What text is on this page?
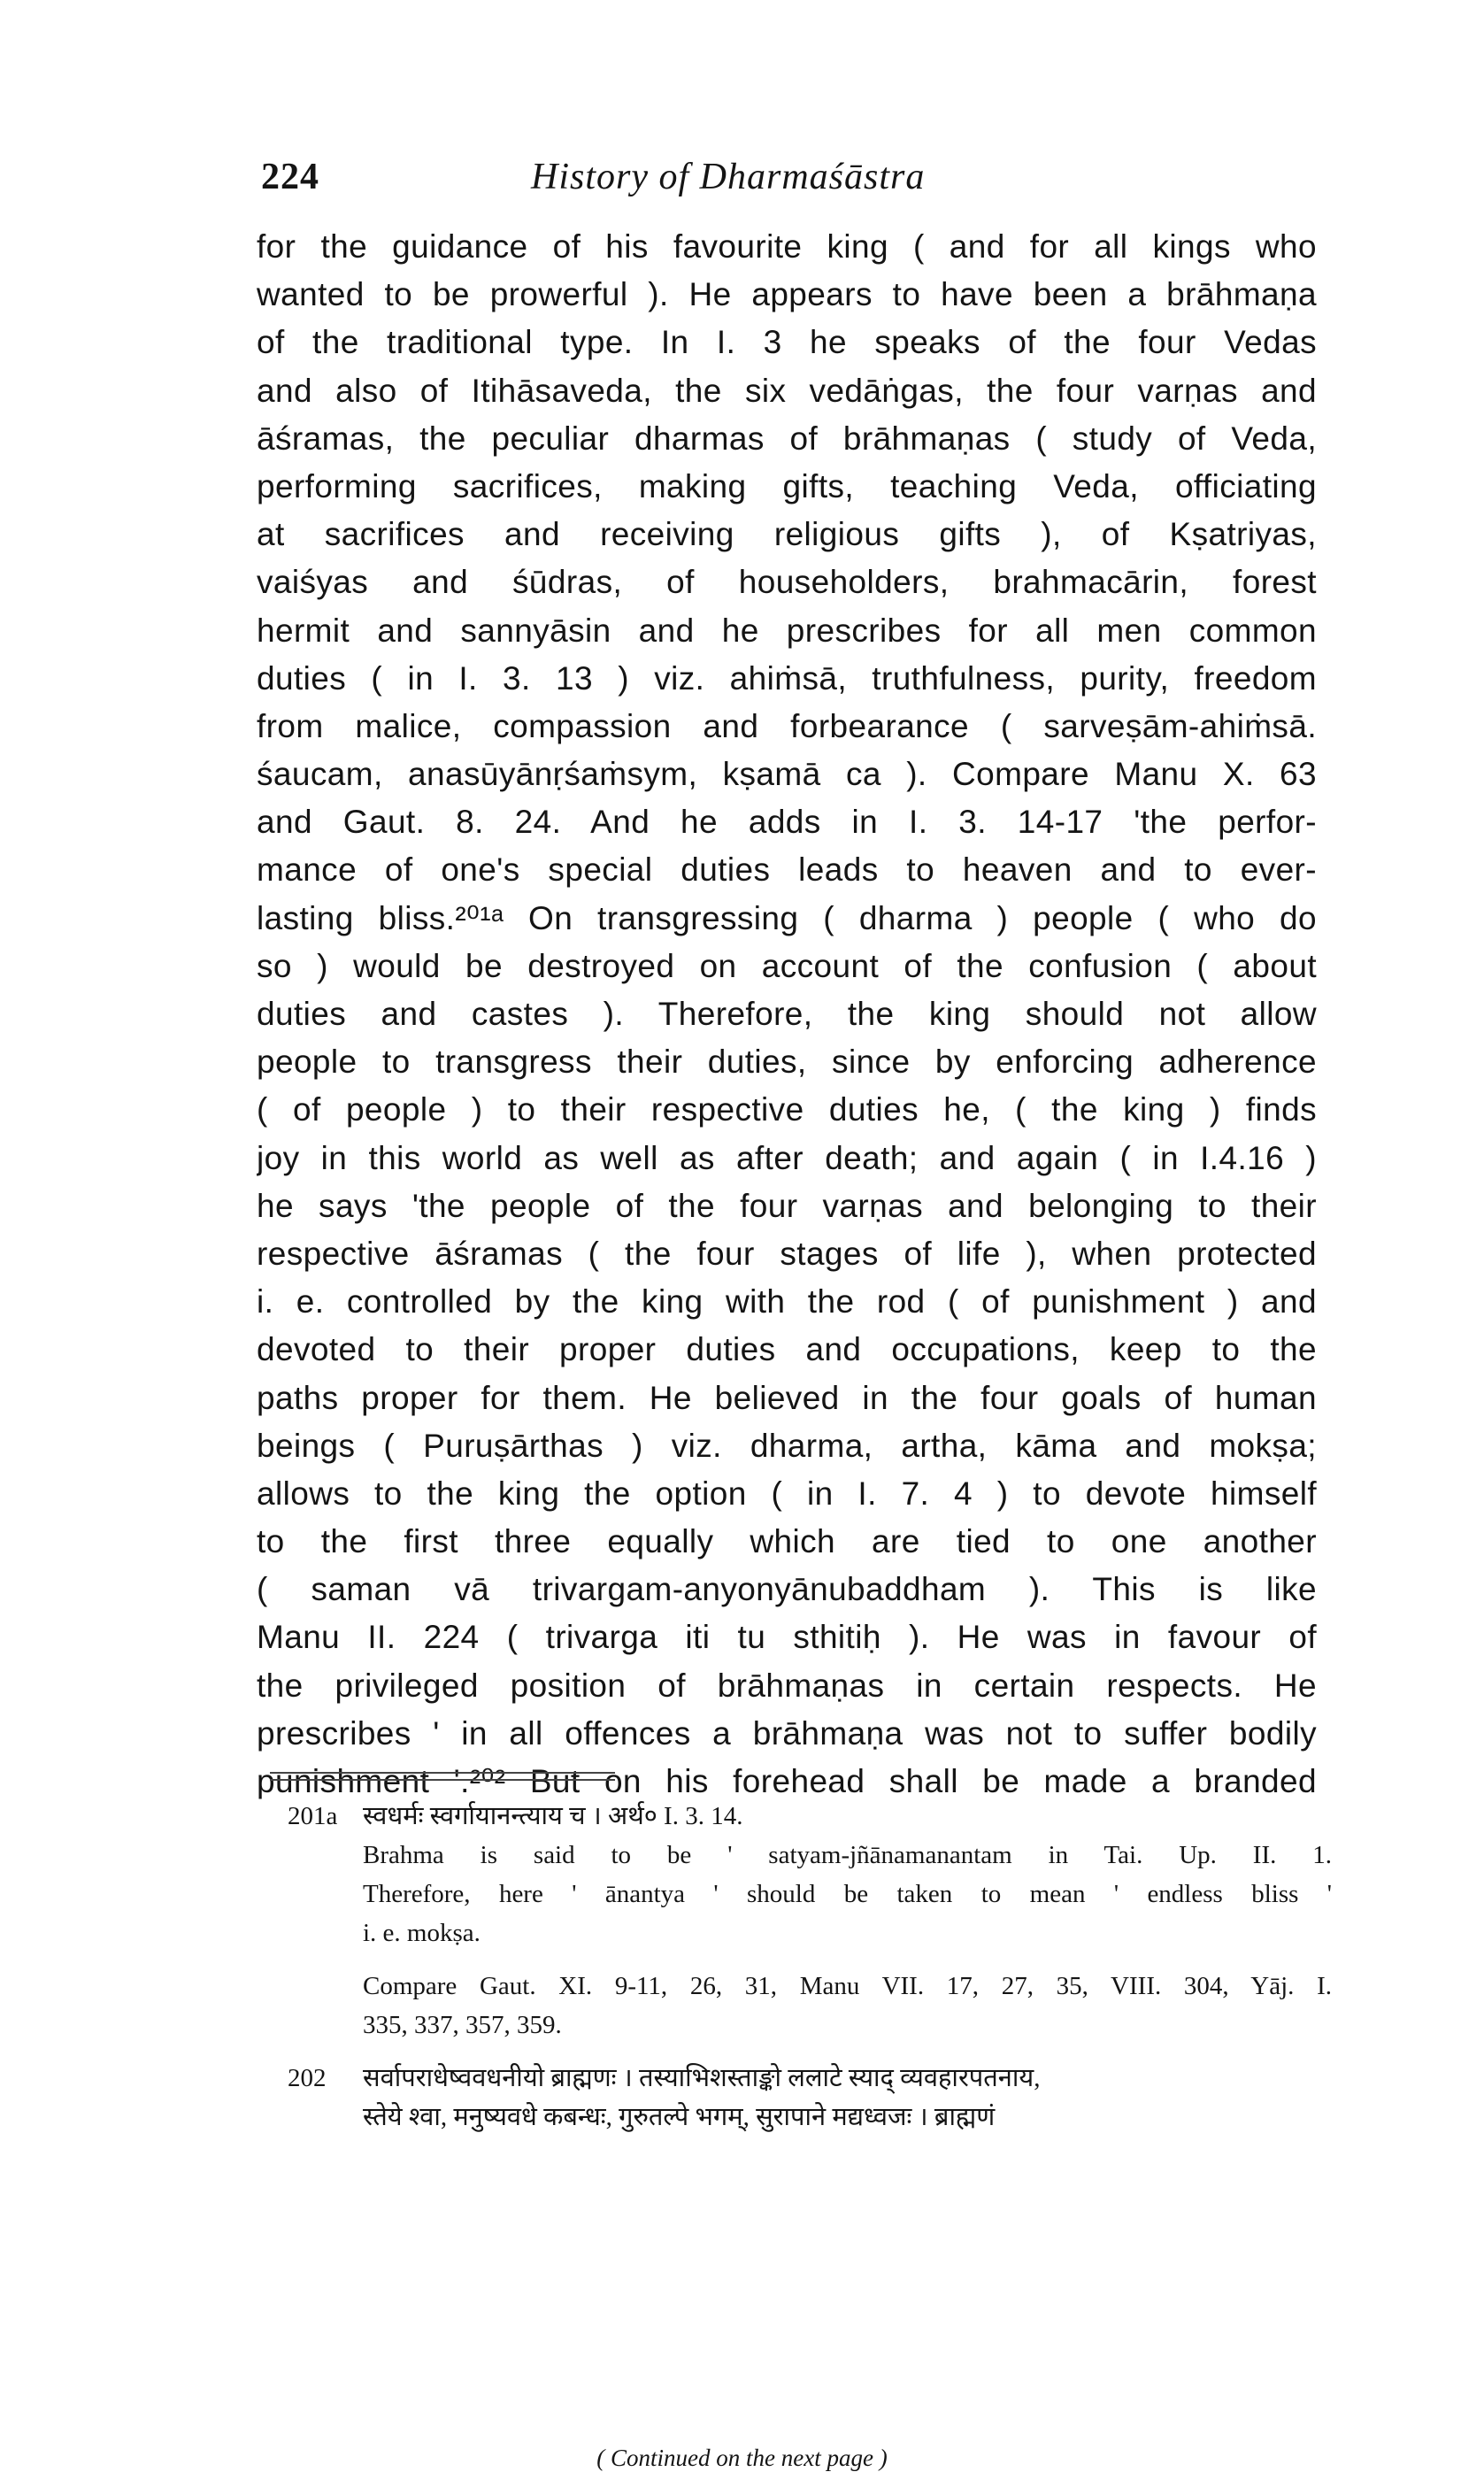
224	History of Dharmaśāstra
for the guidance of his favourite king ( and for all kings who
wanted to be prowerful ). He appears to have been a brāhmaṇa
of the traditional type. In I. 3 he speaks of the four Vedas
and also of Itihāsaveda, the six vedāṅgas, the four varṇas and
āśramas, the peculiar dharmas of brāhmaṇas ( study of Veda,
performing sacrifices, making gifts, teaching Veda, officiating
at sacrifices and receiving religious gifts ), of Kṣatriyas,
vaiśyas and śūdras, of householders, brahmacārin, forest
hermit and sannyāsin and he prescribes for all men common
duties ( in I. 3. 13 ) viz. ahiṁsā, truthfulness, purity, freedom
from malice, compassion and forbearance ( sarveṣām-ahiṁsā.
śaucam, anasūyānṛśaṁsym, kṣamā ca ). Compare Manu X. 63
and Gaut. 8. 24. And he adds in I. 3. 14-17 'the perfor-
mance of one's special duties leads to heaven and to ever-
lasting bliss.²⁰¹ᵃ On transgressing ( dharma ) people ( who do
so ) would be destroyed on account of the confusion ( about
duties and castes ). Therefore, the king should not allow
people to transgress their duties, since by enforcing adherence
( of people ) to their respective duties he, ( the king ) finds
joy in this world as well as after death; and again ( in I.4.16 )
he says 'the people of the four varṇas and belonging to their
respective āśramas ( the four stages of life ), when protected
i. e. controlled by the king with the rod ( of punishment ) and
devoted to their proper duties and occupations, keep to the
paths proper for them. He believed in the four goals of human
beings ( Puruṣārthas ) viz. dharma, artha, kāma and mokṣa;
allows to the king the option ( in I. 7. 4 ) to devote himself
to the first three equally which are tied to one another
( saman vā trivargam-anyonyānubaddham ). This is like
Manu II. 224 ( trivarga iti tu sthitiḥ ). He was in favour of
the privileged position of brāhmaṇas in certain respects. He
prescribes ' in all offences a brāhmaṇa was not to suffer bodily
punishment '.²⁰² But on his forehead shall be made a branded
201a स्वधर्मः स्वर्गायानन्त्याय च । अर्थ० I. 3. 14.
Brahma is said to be ' satyam-jñānamanantam in Tai. Up. II. 1.
Therefore, here ' ānantya ' should be taken to mean ' endless bliss '
i. e. mokṣa.
Compare Gaut. XI. 9-11, 26, 31, Manu VII. 17, 27, 35, VIII. 304, Yāj. I.
335, 337, 357, 359.
202 सर्वापराधेष्ववधनीयो ब्राह्मणः । तस्याभिशस्ताङ्को ललाटे स्याद् व्यवहारपतनाय,
स्तेये श्वा, मनुष्यवधे कबन्धः, गुरुतल्पे भगम्, सुरापाने मद्यध्वजः । ब्राह्मणं
( Continued on the next page )
